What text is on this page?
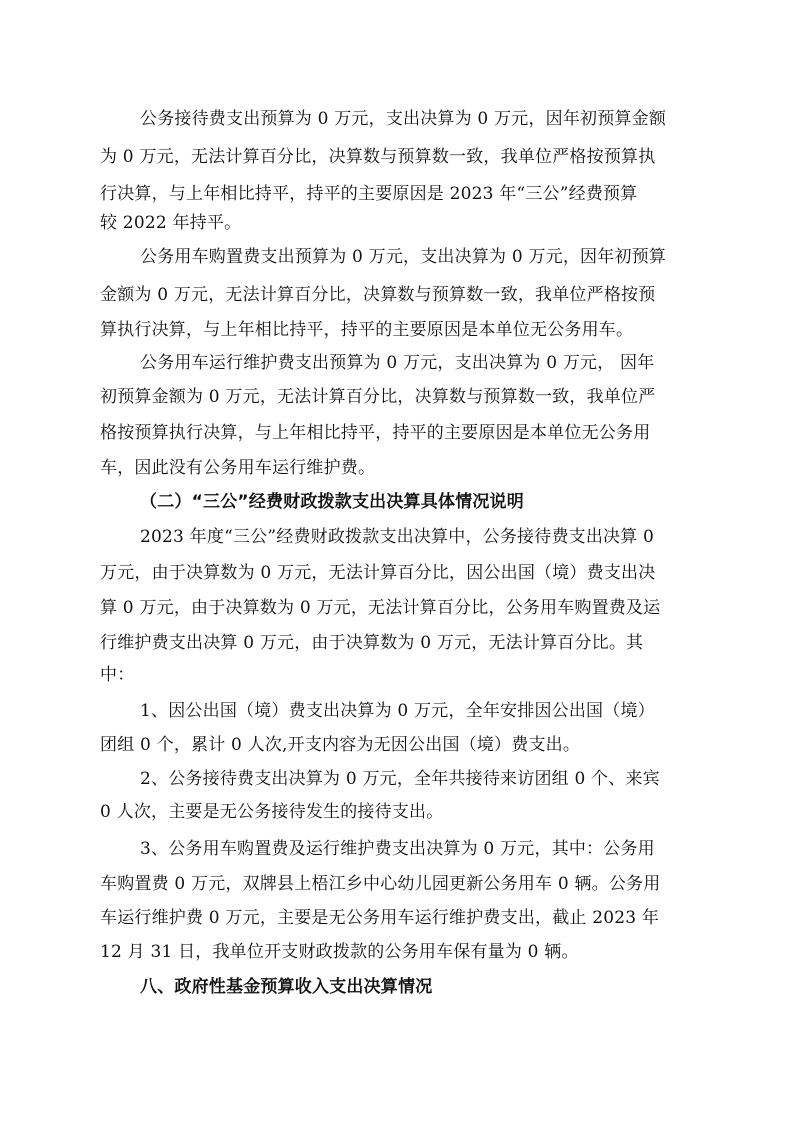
公务接待费支出预算为 0 万元，支出决算为 0 万元，因年初预算金额
为 0 万元，无法计算百分比，决算数与预算数一致，我单位严格按预算执
行决算，与上年相比持平，持平的主要原因是 2023 年“三公”经费预算
较 2022 年持平。
公务用车购置费支出预算为 0 万元，支出决算为 0 万元，因年初预算
金额为 0 万元，无法计算百分比，决算数与预算数一致，我单位严格按预
算执行决算，与上年相比持平，持平的主要原因是本单位无公务用车。
公务用车运行维护费支出预算为 0 万元，支出决算为 0 万元， 因年
初预算金额为 0 万元，无法计算百分比，决算数与预算数一致，我单位严
格按预算执行决算，与上年相比持平，持平的主要原因是本单位无公务用
车，因此没有公务用车运行维护费。
（二）“三公”经费财政拨款支出决算具体情况说明
2023 年度“三公”经费财政拨款支出决算中，公务接待费支出决算 0
万元，由于决算数为 0 万元，无法计算百分比，因公出国（境）费支出决
算 0 万元，由于决算数为 0 万元，无法计算百分比，公务用车购置费及运
行维护费支出决算 0 万元，由于决算数为 0 万元，无法计算百分比。其
中：
1、因公出国（境）费支出决算为 0 万元，全年安排因公出国（境）
团组 0 个，累计 0 人次,开支内容为无因公出国（境）费支出。
2、公务接待费支出决算为 0 万元，全年共接待来访团组 0 个、来宾
0 人次，主要是无公务接待发生的接待支出。
3、公务用车购置费及运行维护费支出决算为 0 万元，其中：公务用
车购置费 0 万元，双牌县上梧江乡中心幼儿园更新公务用车 0 辆。公务用
车运行维护费 0 万元，主要是无公务用车运行维护费支出，截止 2023 年
12 月 31 日，我单位开支财政拨款的公务用车保有量为 0 辆。
八、政府性基金预算收入支出决算情况
